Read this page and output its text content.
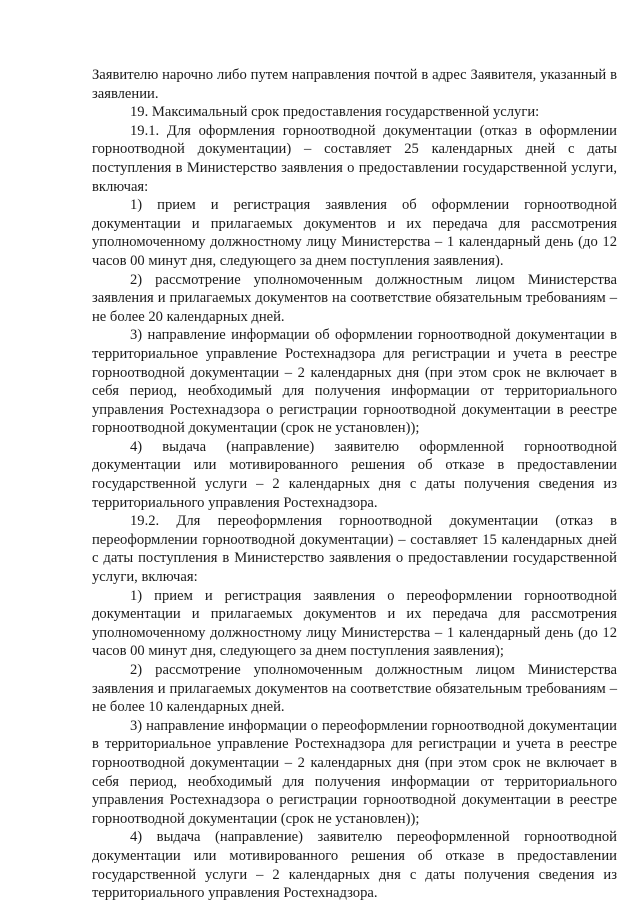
Заявителю нарочно либо путем направления почтой в адрес Заявителя, указанный в заявлении.

19. Максимальный срок предоставления государственной услуги:

19.1. Для оформления горноотводной документации (отказ в оформлении горноотводной документации) – составляет 25 календарных дней с даты поступления в Министерство заявления о предоставлении государственной услуги, включая:

1) прием и регистрация заявления об оформлении горноотводной документации и прилагаемых документов и их передача для рассмотрения уполномоченному должностному лицу Министерства – 1 календарный день (до 12 часов 00 минут дня, следующего за днем поступления заявления).

2) рассмотрение уполномоченным должностным лицом Министерства заявления и прилагаемых документов на соответствие обязательным требованиям – не более 20 календарных дней.

3) направление информации об оформлении горноотводной документации в территориальное управление Ростехнадзора для регистрации и учета в реестре горноотводной документации – 2 календарных дня (при этом срок не включает в себя период, необходимый для получения информации от территориального управления Ростехнадзора о регистрации горноотводной документации в реестре горноотводной документации (срок не установлен));

4) выдача (направление) заявителю оформленной горноотводной документации или мотивированного решения об отказе в предоставлении государственной услуги – 2 календарных дня с даты получения сведения из территориального управления Ростехнадзора.

19.2. Для переоформления горноотводной документации (отказ в переоформлении горноотводной документации) – составляет 15 календарных дней с даты поступления в Министерство заявления о предоставлении государственной услуги, включая:

1) прием и регистрация заявления о переоформлении горноотводной документации и прилагаемых документов и их передача для рассмотрения уполномоченному должностному лицу Министерства – 1 календарный день (до 12 часов 00 минут дня, следующего за днем поступления заявления);

2) рассмотрение уполномоченным должностным лицом Министерства заявления и прилагаемых документов на соответствие обязательным требованиям – не более 10 календарных дней.

3) направление информации о переоформлении горноотводной документации в территориальное управление Ростехнадзора для регистрации и учета в реестре горноотводной документации – 2 календарных дня (при этом срок не включает в себя период, необходимый для получения информации от территориального управления Ростехнадзора о регистрации горноотводной документации в реестре горноотводной документации (срок не установлен));

4) выдача (направление) заявителю переоформленной горноотводной документации или мотивированного решения об отказе в предоставлении государственной услуги – 2 календарных дня с даты получения сведения из территориального управления Ростехнадзора.
